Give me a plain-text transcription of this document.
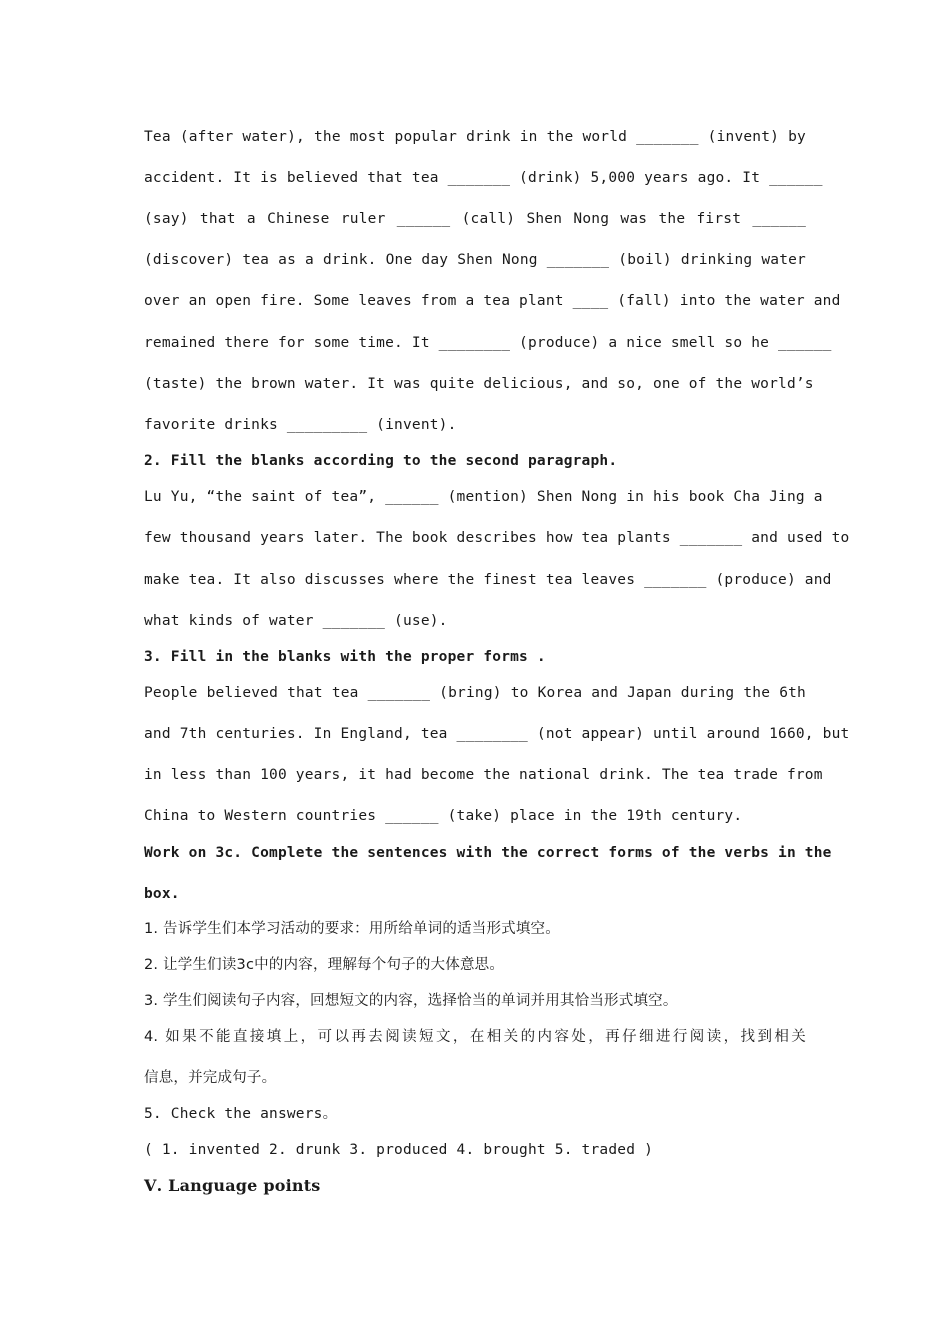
Tea (after water), the most popular drink in the world _______ (invent) by
accident. It is believed that tea _______ (drink) 5,000 years ago. It ______
(say) that a Chinese ruler ______ (call) Shen Nong was the first ______
(discover) tea as a drink. One day Shen Nong _______ (boil) drinking water
over an open fire. Some leaves from a tea plant ____ (fall) into the water and
remained there for some time. It ________ (produce) a nice smell so he ______
(taste) the brown water. It was quite delicious, and so, one of the world’s
favorite drinks _________ (invent).
2. Fill the blanks according to the second paragraph.
Lu Yu, “the saint of tea”, ______ (mention) Shen Nong in his book Cha Jing a
few thousand years later. The book describes how tea plants _______ and used to
make tea. It also discusses where the finest tea leaves _______ (produce) and
what kinds of water _______ (use).
3. Fill in the blanks with the proper forms .
People believed that tea _______ (bring) to Korea and Japan during the 6th
and 7th centuries. In England, tea ________ (not appear) until around 1660, but
in less than 100 years, it had become the national drink. The tea trade from
China to Western countries ______ (take) place in the 19th century.
Work on 3c. Complete the sentences with the correct forms of the verbs in the
box.
1. 告诉学生们本学习活动的要求：用所给单词的适当形式填空。
2. 让学生们读3c中的内容，理解每个句子的大体意思。
3. 学生们阅读句子内容，回想短文的内容，选择恰当的单词并用其恰当形式填空。
4. 如果不能直接填上，可以再去阅读短文，在相关的内容处，再仔细进行阅读，找到相关
信息，并完成句子。
5. Check the answers。
( 1. invented 2. drunk 3. produced 4. brought 5. traded )
Ⅴ. Language points
